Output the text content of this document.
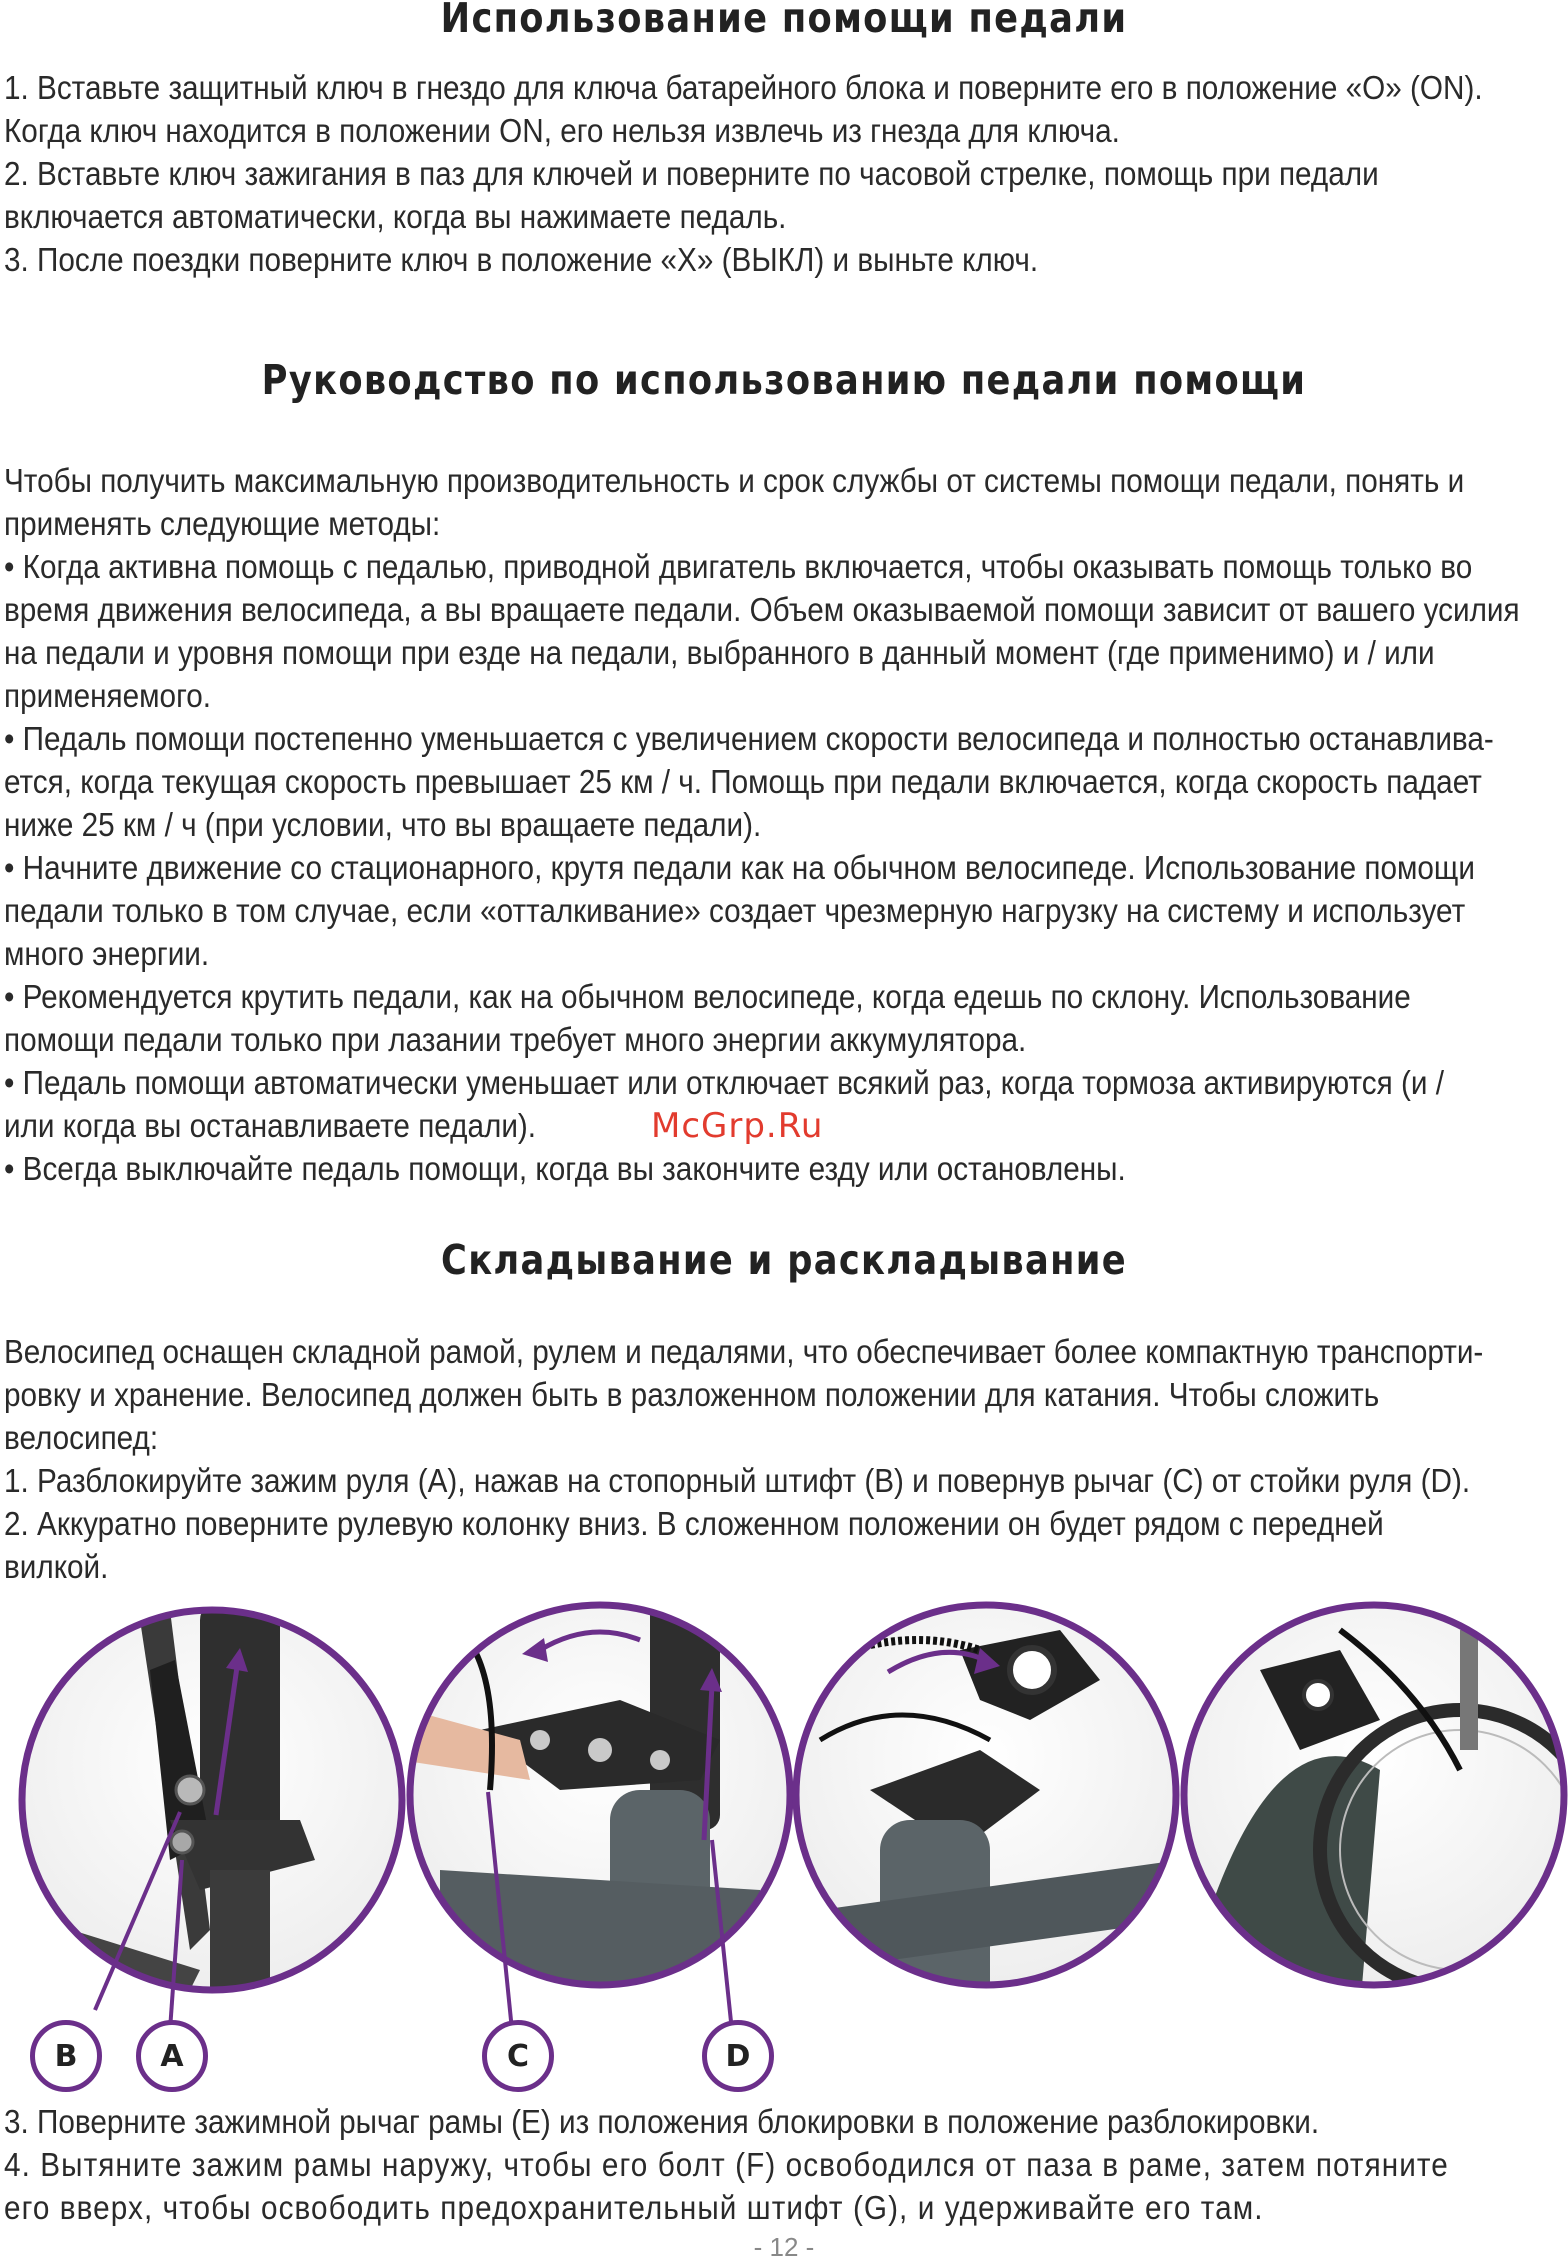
Использование помощи педали

1. Вставьте защитный ключ в гнездо для ключа батарейного блока и поверните его в положение «О» (ON).

Когда ключ находится в положении ON, его нельзя извлечь из гнезда для ключа.

2. Вставьте ключ зажигания в паз для ключей и поверните по часовой стрелке, помощь при педали

включается автоматически, когда вы нажимаете педаль.

3. После поездки поверните ключ в положение «Х» (ВЫКЛ) и выньте ключ.

Руководство по использованию педали помощи

Чтобы получить максимальную производительность и срок службы от системы помощи педали, понять и

применять следующие методы:

• Когда активна помощь с педалью, приводной двигатель включается, чтобы оказывать помощь только во

время движения велосипеда, а вы вращаете педали. Объем оказываемой помощи зависит от вашего усилия

на педали и уровня помощи при езде на педали, выбранного в данный момент (где применимо) и / или

применяемого.

• Педаль помощи постепенно уменьшается с увеличением скорости велосипеда и полностью останавлива-

ется, когда текущая скорость превышает 25 км / ч. Помощь при педали включается, когда скорость падает

ниже 25 км / ч (при условии, что вы вращаете педали).

• Начните движение со стационарного, крутя педали как на обычном велосипеде. Использование помощи

педали только в том случае, если «отталкивание» создает чрезмерную нагрузку на систему и использует

много энергии.

• Рекомендуется крутить педали, как на обычном велосипеде, когда едешь по склону. Использование

помощи педали только при лазании требует много энергии аккумулятора.

• Педаль помощи автоматически уменьшает или отключает всякий раз, когда тормоза активируются (и /

или когда вы останавливаете педали).

• Всегда выключайте педаль помощи, когда вы закончите езду или остановлены.

McGrp.Ru
Складывание и раскладывание

Велосипед оснащен складной рамой, рулем и педалями, что обеспечивает более компактную транспорти-

ровку и хранение. Велосипед должен быть в разложенном положении для катания. Чтобы сложить

велосипед:

1. Разблокируйте зажим руля (А), нажав на стопорный штифт (В) и повернув рычаг (С) от стойки руля (D).

2. Аккуратно поверните рулевую колонку вниз. В сложенном положении он будет рядом с передней

вилкой.

B	A	C	D

3. Поверните зажимной рычаг рамы (E) из положения блокировки в положение разблокировки.

4. Вытяните зажим рамы наружу, чтобы его болт (F) освободился от паза в раме, затем потяните

его вверх, чтобы освободить предохранительный штифт (G), и удерживайте его там.

- 12 -
